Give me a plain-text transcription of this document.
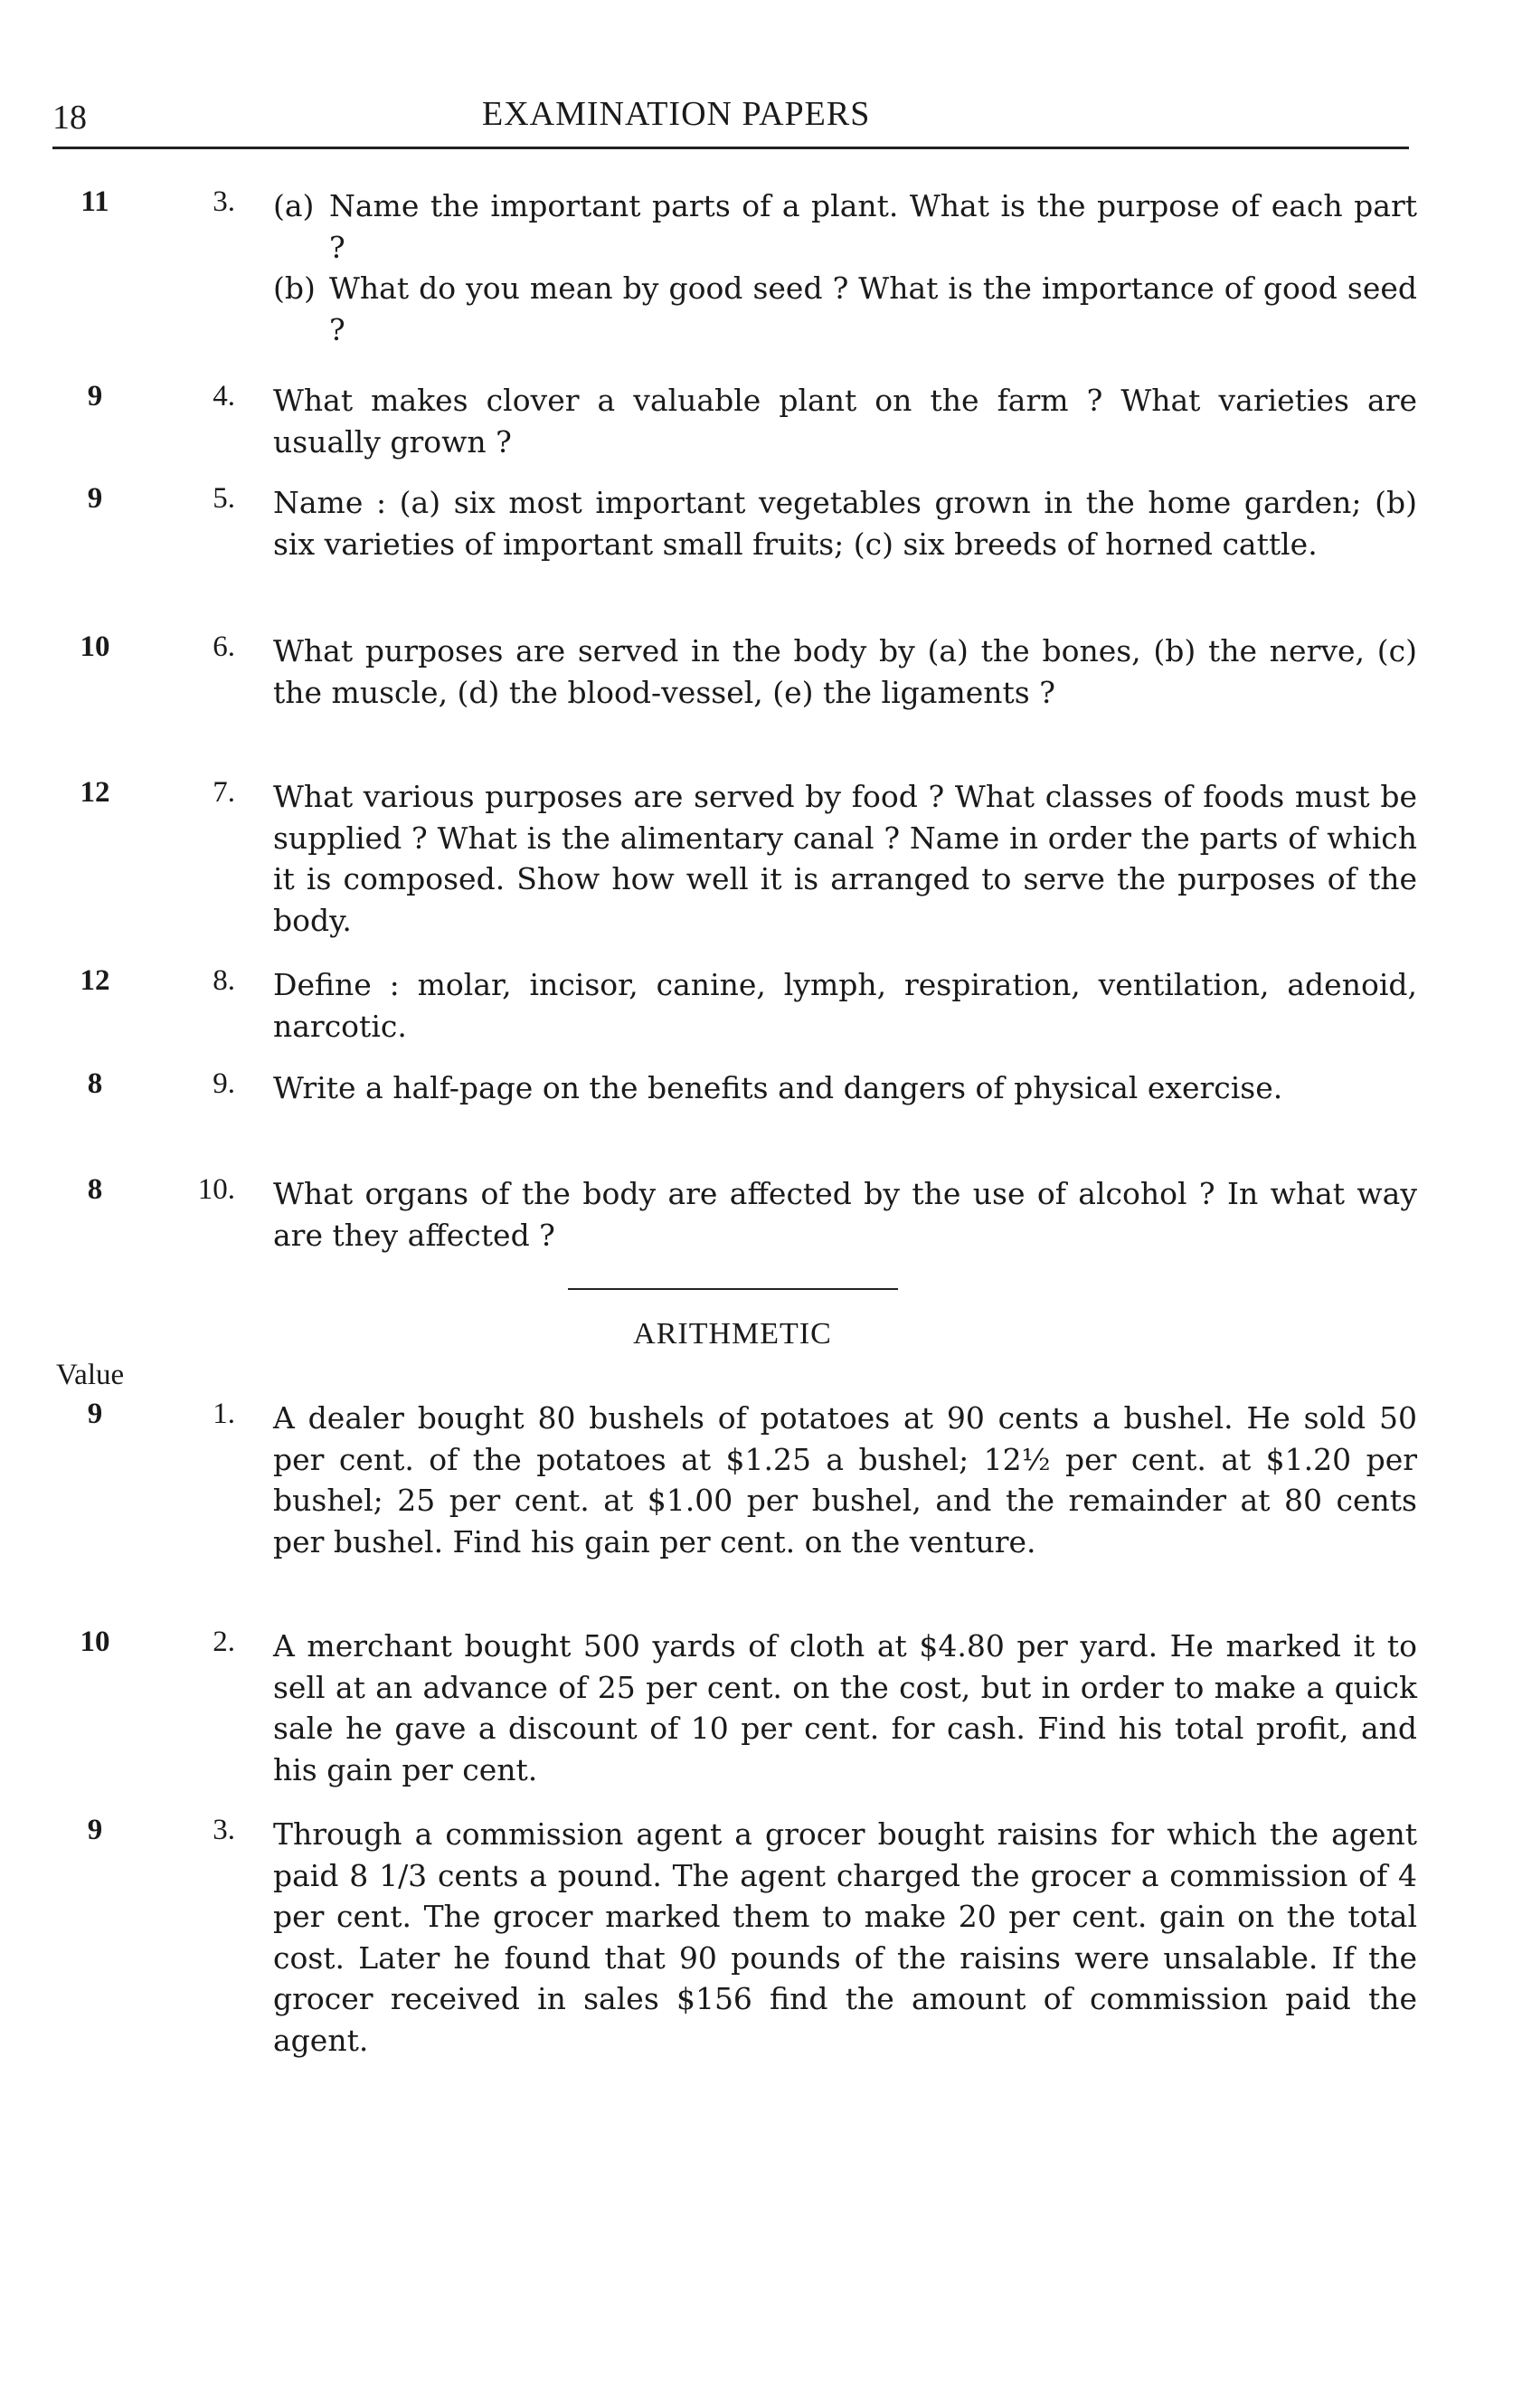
18	EXAMINATION PAPERS
11	3. (a) Name the important parts of a plant. What is the purpose of each part ?
(b) What do you mean by good seed ? What is the importance of good seed ?
9	4. What makes clover a valuable plant on the farm ? What varieties are usually grown ?
9	5. Name : (a) six most important vegetables grown in the home garden; (b) six varieties of important small fruits; (c) six breeds of horned cattle.
10	6. What purposes are served in the body by (a) the bones, (b) the nerve, (c) the muscle, (d) the blood-vessel, (e) the ligaments ?
12	7. What various purposes are served by food ? What classes of foods must be supplied ? What is the alimentary canal ? Name in order the parts of which it is composed. Show how well it is arranged to serve the purposes of the body.
12	8. Define : molar, incisor, canine, lymph, respiration, ventilation, adenoid, narcotic.
8	9. Write a half-page on the benefits and dangers of physical exercise.
8	10. What organs of the body are affected by the use of alcohol ? In what way are they affected ?
ARITHMETIC
Value
9	1. A dealer bought 80 bushels of potatoes at 90 cents a bushel. He sold 50 per cent. of the potatoes at $1.25 a bushel; 12½ per cent. at $1.20 per bushel; 25 per cent. at $1.00 per bushel, and the remainder at 80 cents per bushel. Find his gain per cent. on the venture.
10	2. A merchant bought 500 yards of cloth at $4.80 per yard. He marked it to sell at an advance of 25 per cent. on the cost, but in order to make a quick sale he gave a discount of 10 per cent. for cash. Find his total profit, and his gain per cent.
9	3. Through a commission agent a grocer bought raisins for which the agent paid 8 1/3 cents a pound. The agent charged the grocer a commission of 4 per cent. The grocer marked them to make 20 per cent. gain on the total cost. Later he found that 90 pounds of the raisins were unsalable. If the grocer received in sales $156 find the amount of commission paid the agent.
